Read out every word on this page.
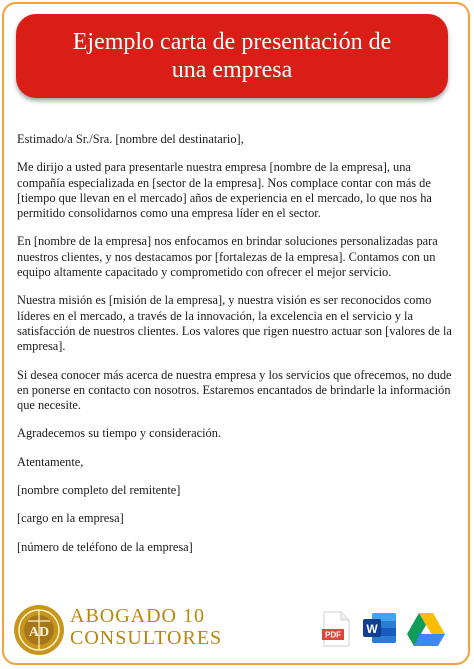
Ejemplo carta de presentación de
una empresa

Estimado/a Sr./Sra. [nombre del destinatario],

Me dirijo a usted para presentarle nuestra empresa [nombre de la empresa], una compañía especializada en [sector de la empresa]. Nos complace contar con más de [tiempo que llevan en el mercado] años de experiencia en el mercado, lo que nos ha permitido consolidarnos como una empresa líder en el sector.

En [nombre de la empresa] nos enfocamos en brindar soluciones personalizadas para nuestros clientes, y nos destacamos por [fortalezas de la empresa]. Contamos con un equipo altamente capacitado y comprometido con ofrecer el mejor servicio.

Nuestra misión es [misión de la empresa], y nuestra visión es ser reconocidos como líderes en el mercado, a través de la innovación, la excelencia en el servicio y la satisfacción de nuestros clientes. Los valores que rigen nuestro actuar son [valores de la empresa].

Si desea conocer más acerca de nuestra empresa y los servicios que ofrecemos, no dude en ponerse en contacto con nosotros. Estaremos encantados de brindarle la información que necesite.

Agradecemos su tiempo y consideración.

Atentamente,

[nombre completo del remitente]

[cargo en la empresa]

[número de teléfono de la empresa]

AD
ABOGADO 10
CONSULTORES	PDF W
